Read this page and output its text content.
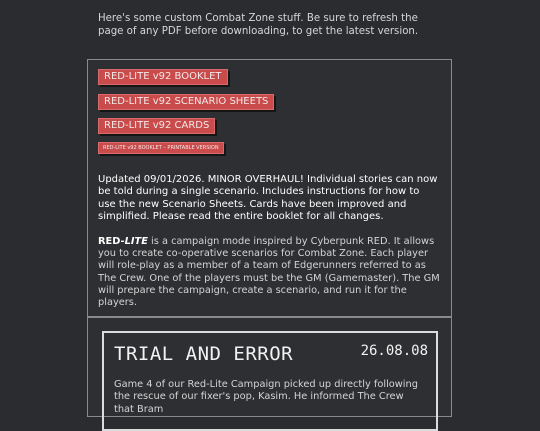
Here's some custom Combat Zone stuff. Be sure to refresh the page of any PDF before downloading, to get the latest version.
RED-LITE v92 BOOKLET
RED-LITE v92 SCENARIO SHEETS
RED-LITE v92 CARDS
RED-LITE v92 BOOKLET – PRINTABLE VERSION
Updated 09/01/2026. MINOR OVERHAUL! Individual stories can now be told during a single scenario. Includes instructions for how to use the new Scenario Sheets. Cards have been improved and simplified. Please read the entire booklet for all changes.
RED-LITE is a campaign mode inspired by Cyberpunk RED. It allows you to create co-operative scenarios for Combat Zone. Each player will role-play as a member of a team of Edgerunners referred to as The Crew. One of the players must be the GM (Gamemaster). The GM will prepare the campaign, create a scenario, and run it for the players.
TRIAL AND ERROR	26.08.08
Game 4 of our Red-Lite Campaign picked up directly following the rescue of our fixer's pop, Kasim. He informed The Crew that Bram
